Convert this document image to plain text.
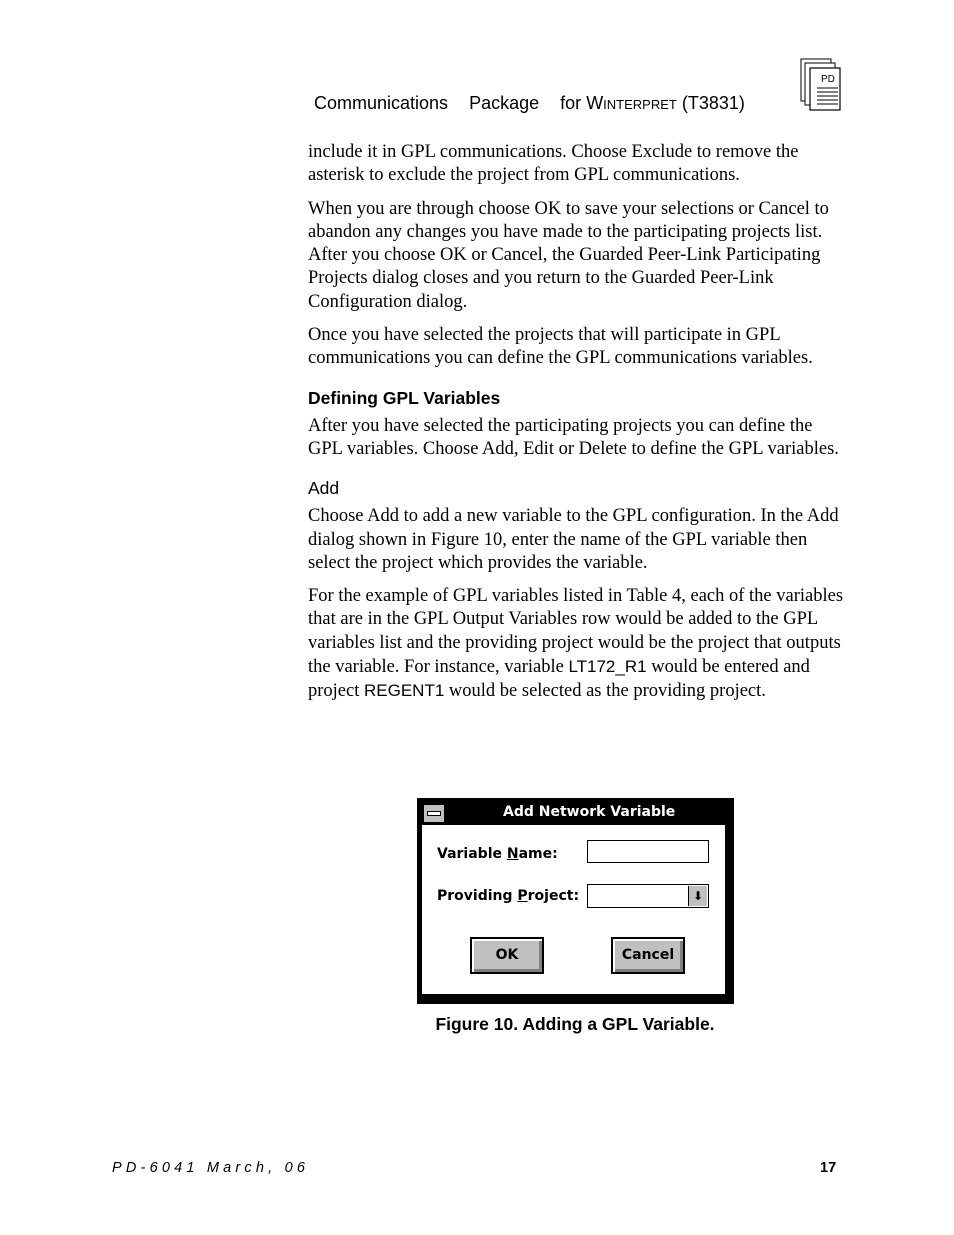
Communications Package for Winterpret (T3831)
PD

include it in GPL communications. Choose Exclude to remove the asterisk to exclude the project from GPL communications.

When you are through choose OK to save your selections or Cancel to abandon any changes you have made to the participating projects list. After you choose OK or Cancel, the Guarded Peer-Link Participating Projects dialog closes and you return to the Guarded Peer-Link Configuration dialog.

Once you have selected the projects that will participate in GPL communications you can define the GPL communications variables.

Defining GPL Variables

After you have selected the participating projects you can define the GPL variables. Choose Add, Edit or Delete to define the GPL variables.

Add

Choose Add to add a new variable to the GPL configuration. In the Add dialog shown in Figure 10, enter the name of the GPL variable then select the project which provides the variable.

For the example of GPL variables listed in Table 4, each of the variables that are in the GPL Output Variables row would be added to the GPL variables list and the providing project would be the project that outputs the variable. For instance, variable LT172_R1 would be entered and project REGENT1 would be selected as the providing project.

Add Network Variable
Variable Name:
Providing Project:	⬇
OK	Cancel
Figure 10. Adding a GPL Variable.
PD-6041 March, 06	17
